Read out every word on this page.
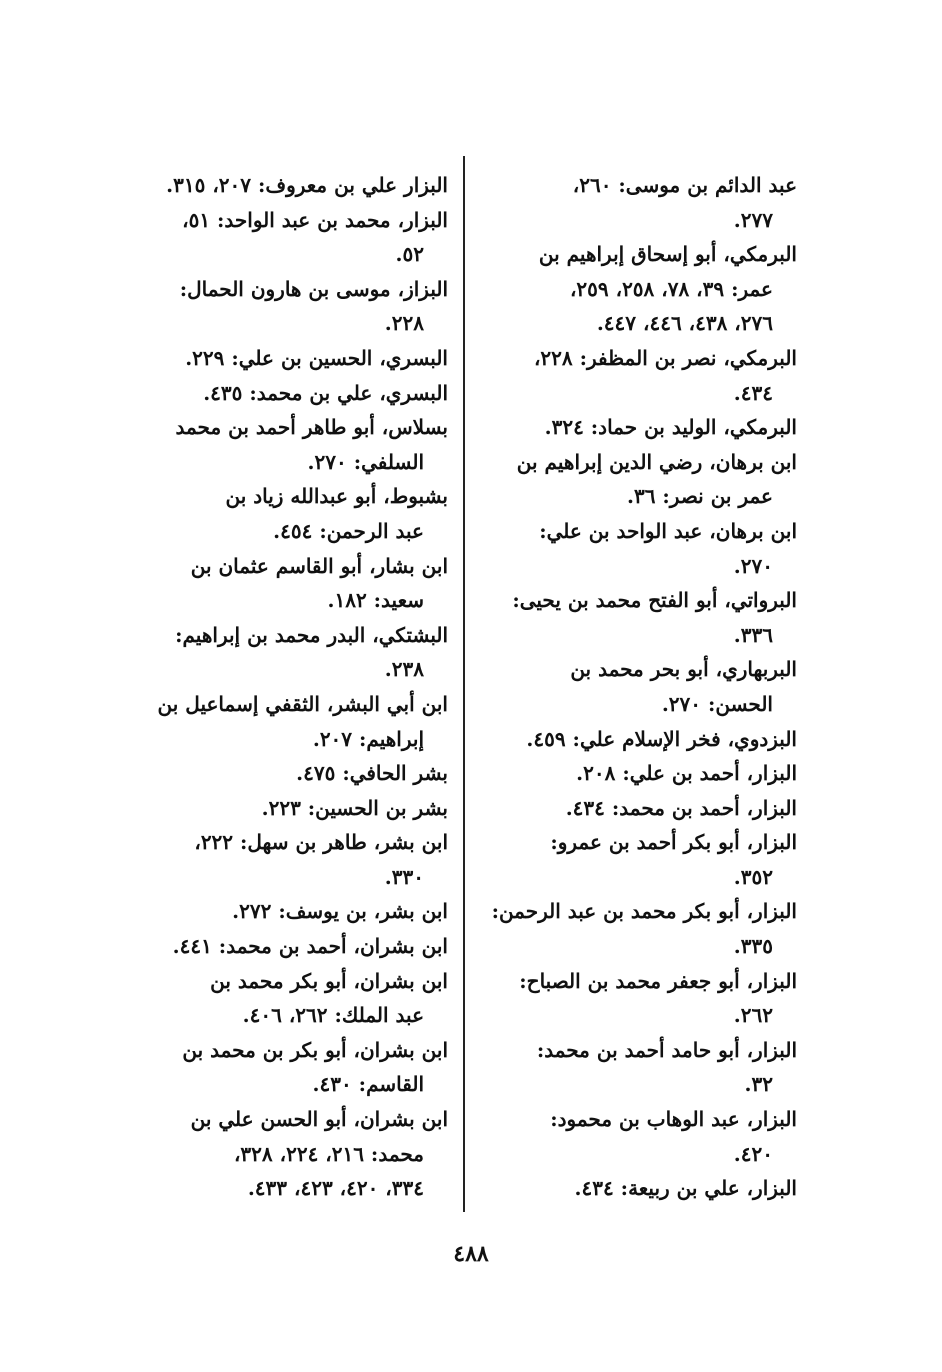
عبد الدائم بن موسى: ٢٦٠،
٢٧٧.
البرمكي، أبو إسحاق إبراهيم بن
عمر: ٣٩، ٧٨، ٢٥٨، ٢٥٩،
٢٧٦، ٤٣٨، ٤٤٦، ٤٤٧.
البرمكي، نصر بن المظفر: ٢٢٨،
٤٣٤.
البرمكي، الوليد بن حماد: ٣٢٤.
ابن برهان، رضي الدين إبراهيم بن
عمر بن نصر: ٣٦.
ابن برهان، عبد الواحد بن علي:
٢٧٠.
البرواتي، أبو الفتح محمد بن يحيى:
٣٣٦.
البربهاري، أبو بحر محمد بن
الحسن: ٢٧٠.
البزدوي، فخر الإسلام علي: ٤٥٩.
البزار، أحمد بن علي: ٢٠٨.
البزار، أحمد بن محمد: ٤٣٤.
البزار، أبو بكر أحمد بن عمرو:
٣٥٢.
البزار، أبو بكر محمد بن عبد الرحمن:
٣٣٥.
البزار، أبو جعفر محمد بن الصباح:
٢٦٢.
البزار، أبو حامد أحمد بن محمد:
٣٢.
البزار، عبد الوهاب بن محمود:
٤٢٠.
البزار، علي بن ربيعة: ٤٣٤.
البزار علي بن معروف: ٢٠٧، ٣١٥.
البزار، محمد بن عبد الواحد: ٥١،
٥٢.
البزاز، موسى بن هارون الحمال:
٢٢٨.
البسري، الحسين بن علي: ٢٢٩.
البسري، علي بن محمد: ٤٣٥.
بسلاس، أبو طاهر أحمد بن محمد
السلفي: ٢٧٠.
بشبوط، أبو عبدالله زياد بن
عبد الرحمن: ٤٥٤.
ابن بشار، أبو القاسم عثمان بن
سعيد: ١٨٢.
البشتكي، البدر محمد بن إبراهيم:
٢٣٨.
ابن أبي البشر، الثقفي إسماعيل بن
إبراهيم: ٢٠٧.
بشر الحافي: ٤٧٥.
بشر بن الحسين: ٢٢٣.
ابن بشر، طاهر بن سهل: ٢٢٢،
٣٣٠.
ابن بشر، بن يوسف: ٢٧٢.
ابن بشران، أحمد بن محمد: ٤٤١.
ابن بشران، أبو بكر محمد بن
عبد الملك: ٢٦٢، ٤٠٦.
ابن بشران، أبو بكر بن محمد بن
القاسم: ٤٣٠.
ابن بشران، أبو الحسن علي بن
محمد: ٢١٦، ٢٢٤، ٣٢٨،
٣٣٤، ٤٢٠، ٤٢٣، ٤٣٣.
٤٨٨
